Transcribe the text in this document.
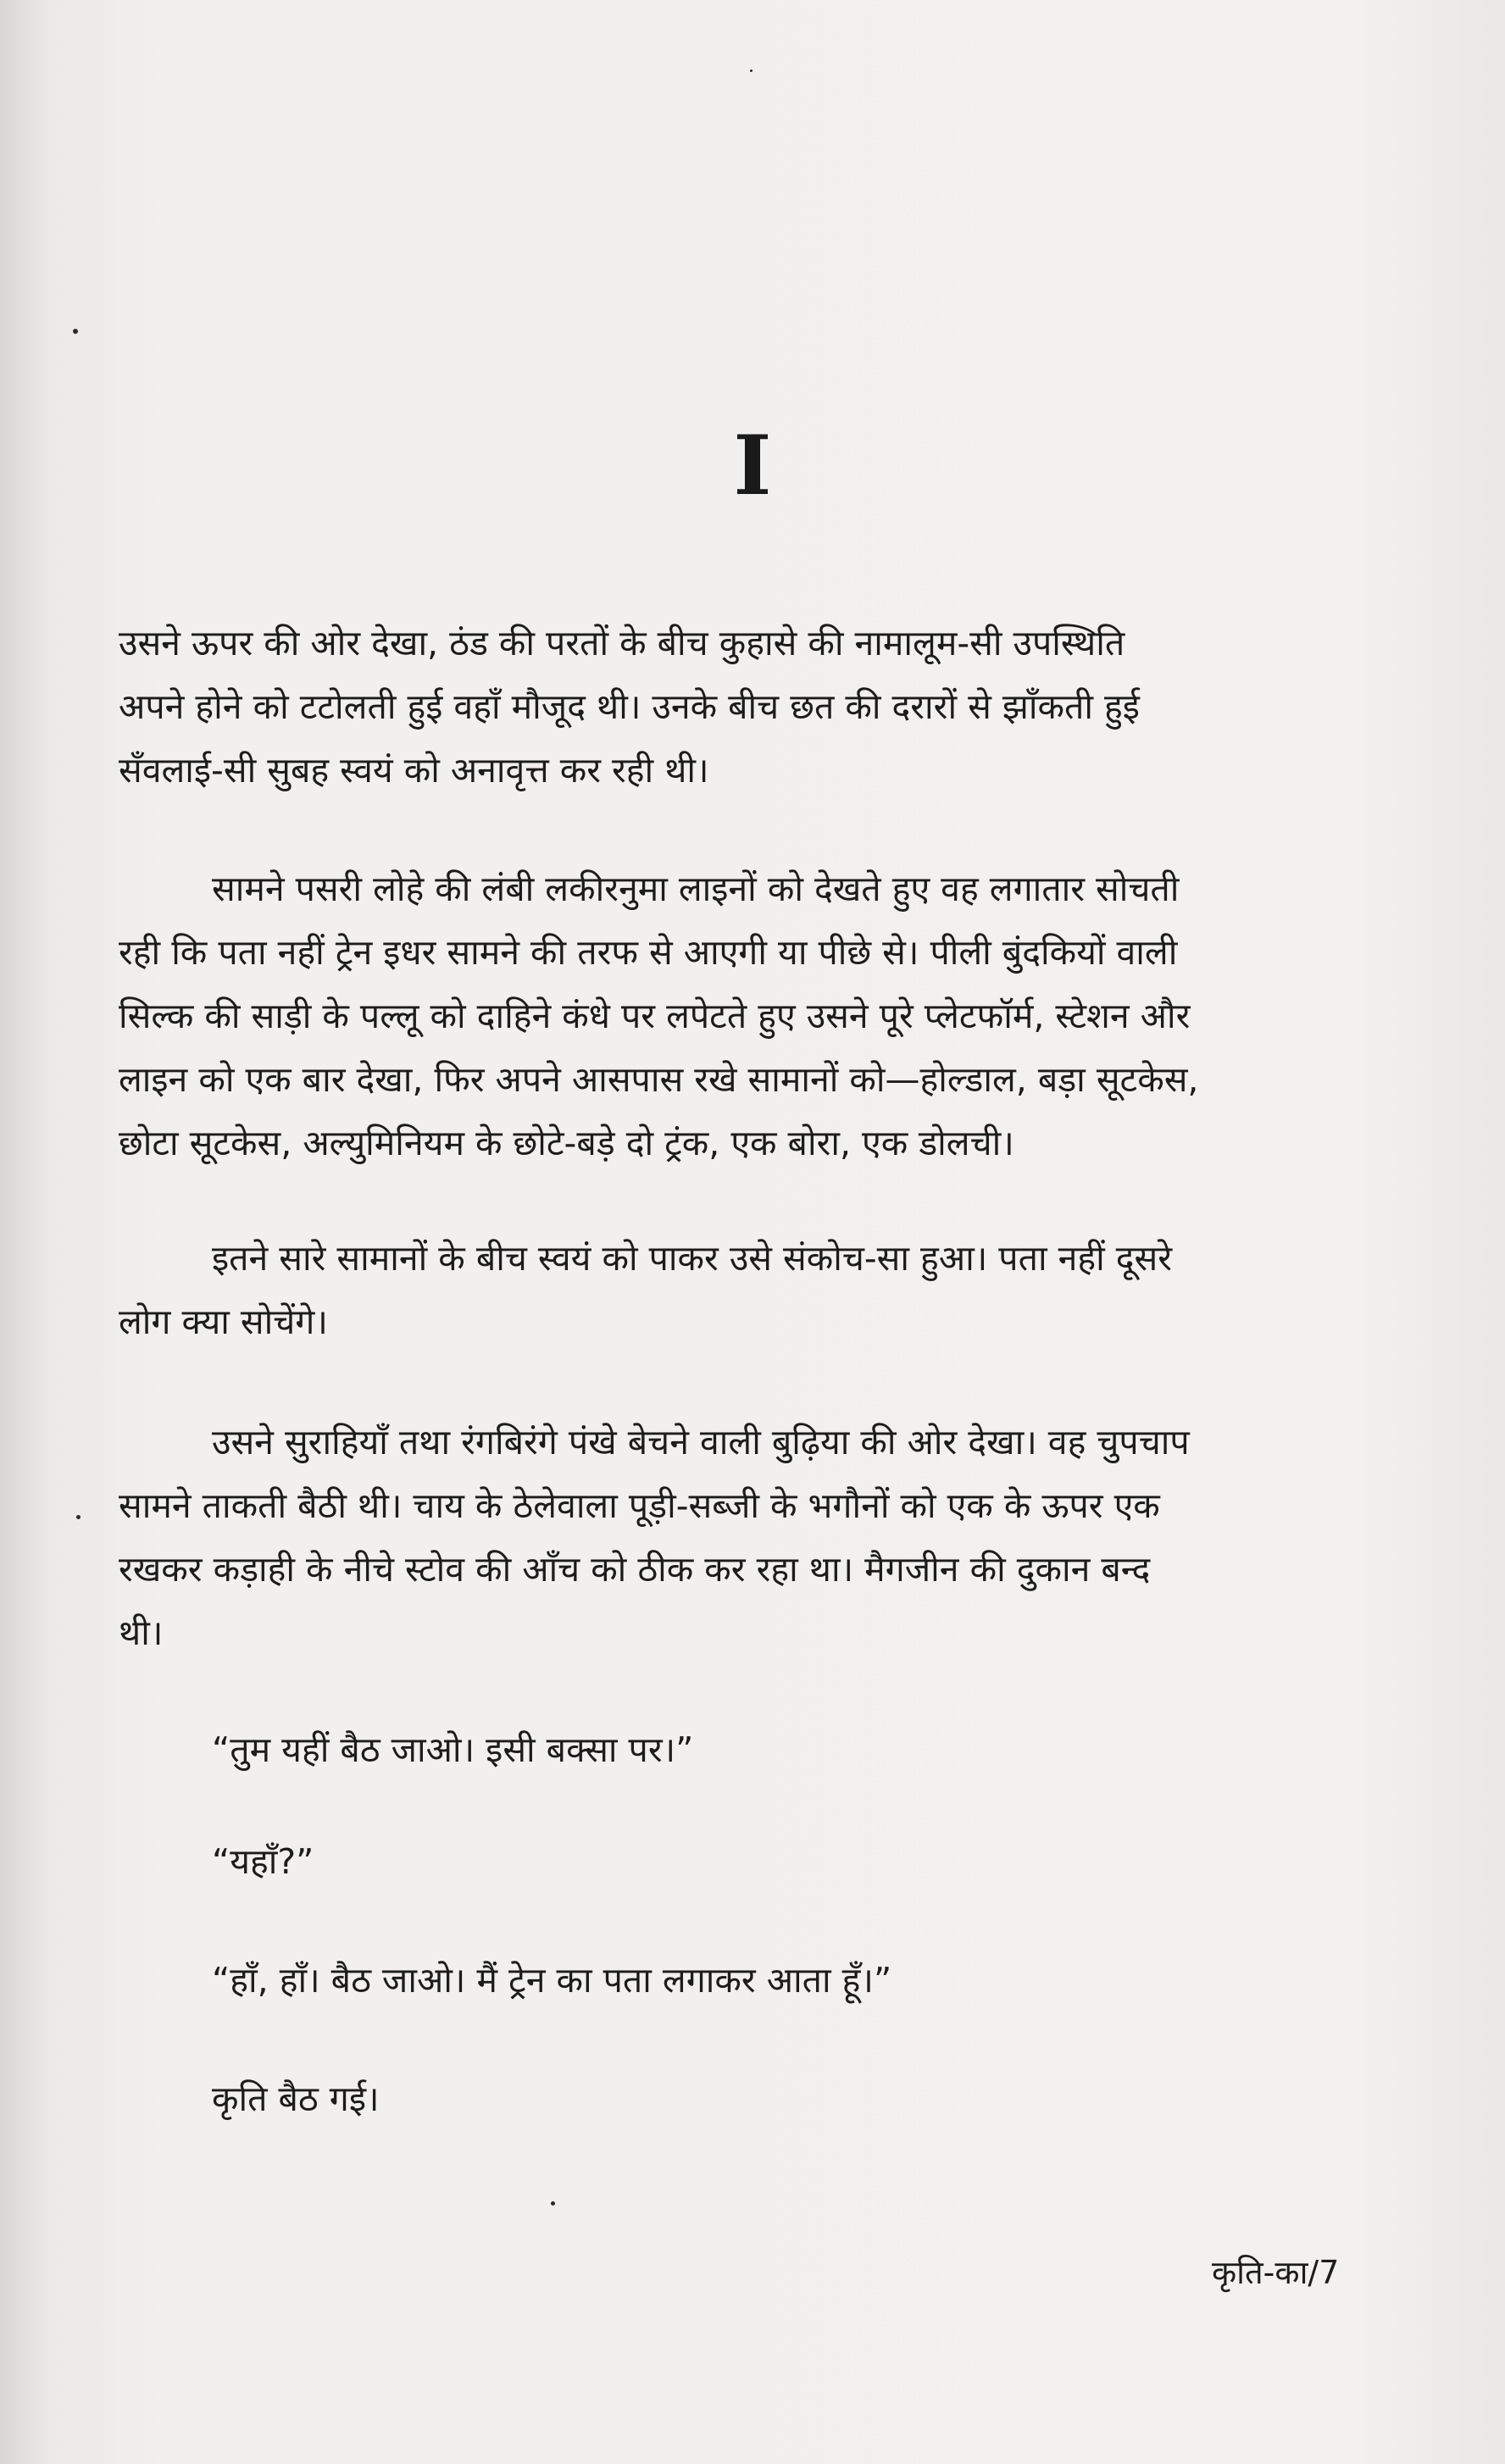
I
उसने ऊपर की ओर देखा, ठंड की परतों के बीच कुहासे की नामालूम-सी उपस्थिति
अपने होने को टटोलती हुई वहाँ मौजूद थी। उनके बीच छत की दरारों से झाँकती हुई
सँवलाई-सी सुबह स्वयं को अनावृत्त कर रही थी।
सामने पसरी लोहे की लंबी लकीरनुमा लाइनों को देखते हुए वह लगातार सोचती
रही कि पता नहीं ट्रेन इधर सामने की तरफ से आएगी या पीछे से। पीली बुंदकियों वाली
सिल्क की साड़ी के पल्लू को दाहिने कंधे पर लपेटते हुए उसने पूरे प्लेटफॉर्म, स्टेशन और
लाइन को एक बार देखा, फिर अपने आसपास रखे सामानों को—होल्डाल, बड़ा सूटकेस,
छोटा सूटकेस, अल्युमिनियम के छोटे-बड़े दो ट्रंक, एक बोरा, एक डोलची।
इतने सारे सामानों के बीच स्वयं को पाकर उसे संकोच-सा हुआ। पता नहीं दूसरे
लोग क्या सोचेंगे।
उसने सुराहियाँ तथा रंगबिरंगे पंखे बेचने वाली बुढ़िया की ओर देखा। वह चुपचाप
सामने ताकती बैठी थी। चाय के ठेलेवाला पूड़ी-सब्जी के भगौनों को एक के ऊपर एक
रखकर कड़ाही के नीचे स्टोव की आँच को ठीक कर रहा था। मैगजीन की दुकान बन्द
थी।
“तुम यहीं बैठ जाओ। इसी बक्सा पर।”
“यहाँ?”
“हाँ, हाँ। बैठ जाओ। मैं ट्रेन का पता लगाकर आता हूँ।”
कृति बैठ गई।
कृति-का/7
